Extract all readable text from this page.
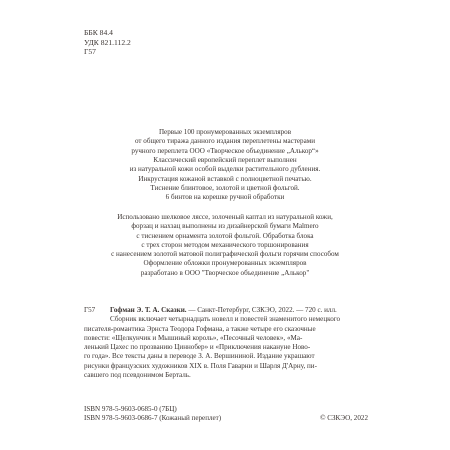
ББК 84.4
УДК 821.112.2
Г57
Первые 100 пронумерованных экземпляров
от общего тиража данного издания переплетены мастерами
ручного переплета ООО «Творческое объединение „Алькор“»
Классический европейский переплет выполнен
из натуральной кожи особой выделки растительного дубления.
Инкрустация кожаной вставкой с полноцветной печатью.
Тиснение блинтовое, золотой и цветной фольгой.
6 бинтов на корешке ручной обработки
Использовано шелковое ляссе, золоченый каптал из натуральной кожи,
форзац и нахзац выполнены из дизайнерской бумаги Malmero
с тиснением орнамента золотой фольгой. Обработка блока
с трех сторон методом механического торшонирования
с нанесением золотой матовой полиграфической фольги горячим способом
Оформление обложки пронумерованных экземпляров
разработано в ООО "Творческое объединение „Алькор"
Г57	Гофман Э. Т. А. Сказки. — Санкт-Петербург, СЗКЭО, 2022. — 720 с. илл.
Сборник включает четырнадцать новелл и повестей знаменитого немецкого
писателя-романтика Эрнста Теодора Гофмана, а также четыре его сказочные
повести: «Щелкунчик и Мышиный король», «Песочный человек», «Ма-
ленький Цахес по прозванию Циннобер» и «Приключения накануне Ново-
го года». Все тексты даны в переводе З. А. Вершининой. Издание украшают
рисунки французских художников XIX в. Поля Гаварни и Шарля Д'Арну, пи-
савшего под псевдонимом Берталь.
ISBN 978-5-9603-0685-0 (7БЦ)
ISBN 978-5-9603-0686-7 (Кожаный переплет)	© СЗКЭО, 2022
